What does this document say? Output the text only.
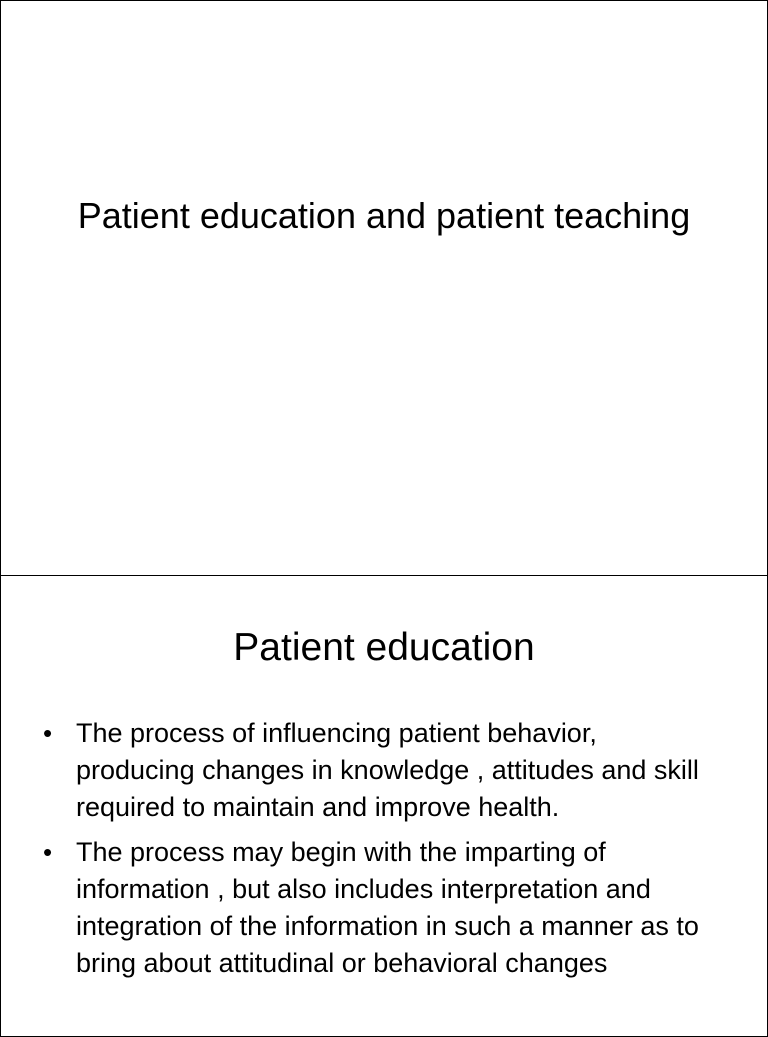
Patient education and patient teaching
Patient education
• The process of influencing patient behavior, producing changes in knowledge , attitudes and skill required to maintain and improve health.
• The process may begin with the imparting of information , but also includes interpretation and integration of the information in such a manner as to bring about attitudinal or behavioral changes
